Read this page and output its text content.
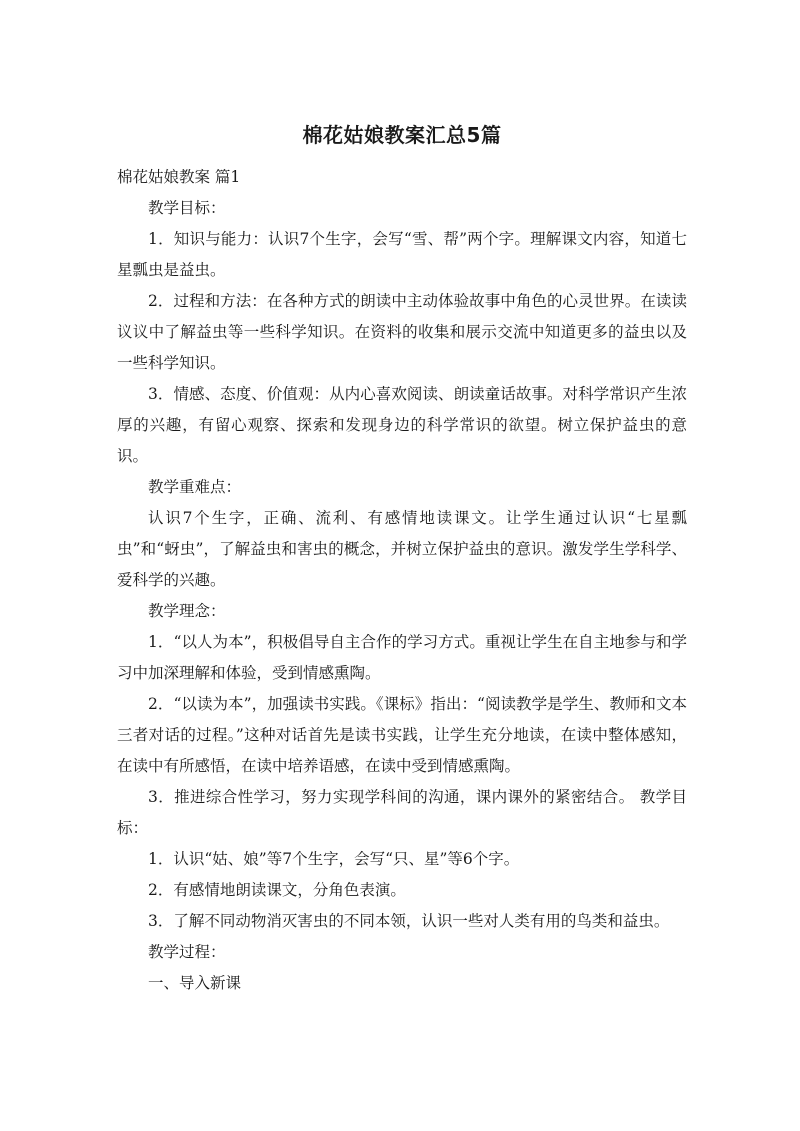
棉花姑娘教案汇总5篇

棉花姑娘教案 篇1

教学目标：

1．知识与能力：认识7个生字，会写“雪、帮”两个字。理解课文内容，知道七星瓢虫是益虫。

2．过程和方法：在各种方式的朗读中主动体验故事中角色的心灵世界。在读读议议中了解益虫等一些科学知识。在资料的收集和展示交流中知道更多的益虫以及一些科学知识。

3．情感、态度、价值观：从内心喜欢阅读、朗读童话故事。对科学常识产生浓厚的兴趣，有留心观察、探索和发现身边的科学常识的欲望。树立保护益虫的意识。

教学重难点：

认识7个生字，正确、流利、有感情地读课文。让学生通过认识“七星瓢虫”和“蚜虫”，了解益虫和害虫的概念，并树立保护益虫的意识。激发学生学科学、爱科学的兴趣。

教学理念：

1．“以人为本”，积极倡导自主合作的学习方式。重视让学生在自主地参与和学习中加深理解和体验，受到情感熏陶。

2．“以读为本”，加强读书实践。《课标》指出：“阅读教学是学生、教师和文本三者对话的过程。”这种对话首先是读书实践，让学生充分地读，在读中整体感知，在读中有所感悟，在读中培养语感，在读中受到情感熏陶。

3．推进综合性学习，努力实现学科间的沟通，课内课外的紧密结合。 教学目标：

1．认识“姑、娘”等7个生字，会写“只、星”等6个字。

2．有感情地朗读课文，分角色表演。

3．了解不同动物消灭害虫的不同本领，认识一些对人类有用的鸟类和益虫。

教学过程：

一、导入新课
